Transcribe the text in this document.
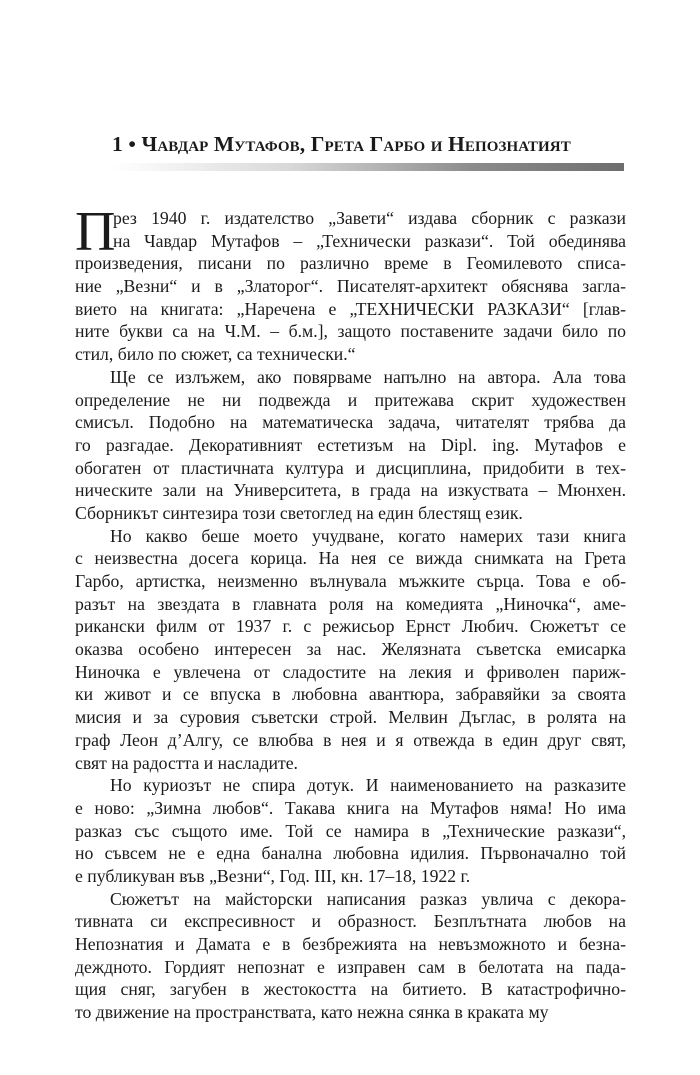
1 • Чавдар Мутафов, Грета Гарбо и Непознатият
П
рез 1940 г. издателство „Завети“ издава сборник с разкази
на Чавдар Мутафов – „Технически разкази“. Той обединява
произведения, писани по различно време в Геомилевото списа-
ние „Везни“ и в „Златорог“. Писателят-архитект обяснява загла-
вието на книгата: „Наречена е „ТЕХНИЧЕСКИ РАЗКАЗИ“ [глав-
ните букви са на Ч.М. – б.м.], защото поставените задачи било по
стил, било по сюжет, са технически.“
Ще се излъжем, ако повярваме напълно на автора. Ала това
определение не ни подвежда и притежава скрит художествен
смисъл. Подобно на математическа задача, читателят трябва да
го разгадае. Декоративният естетизъм на Dipl. ing. Мутафов е
обогатен от пластичната култура и дисциплина, придобити в тех-
ническите зали на Университета, в града на изкуствата – Мюнхен.
Сборникът синтезира този светоглед на един блестящ език.
Но какво беше моето учудване, когато намерих тази книга
с неизвестна досега корица. На нея се вижда снимката на Грета
Гарбо, артистка, неизменно вълнувала мъжките сърца. Това е об-
разът на звездата в главната роля на комедията „Ниночка“, аме-
рикански филм от 1937 г. с режисьор Ернст Любич. Сюжетът се
оказва особено интересен за нас. Желязната съветска емисарка
Ниночка е увлечена от сладостите на лекия и фриволен париж-
ки живот и се впуска в любовна авантюра, забравяйки за своята
мисия и за суровия съветски строй. Мелвин Дъглас, в ролята на
граф Леон д’Алгу, се влюбва в нея и я отвежда в един друг свят,
свят на радостта и насладите.
Но куриозът не спира дотук. И наименованието на разказите
е ново: „Зимна любов“. Такава книга на Мутафов няма! Но има
разказ със същото име. Той се намира в „Технические разкази“,
но съвсем не е една банална любовна идилия. Първоначално той
е публикуван във „Везни“, Год. III, кн. 17–18, 1922 г.
Сюжетът на майсторски написания разказ увлича с декора-
тивната си експресивност и образност. Безплътната любов на
Непознатия и Дамата е в безбрежията на невъзможното и безна-
деждното. Гордият непознат е изправен сам в белотата на пада-
щия сняг, загубен в жестокостта на битието. В катастрофично-
то движение на пространствата, като нежна сянка в краката му
